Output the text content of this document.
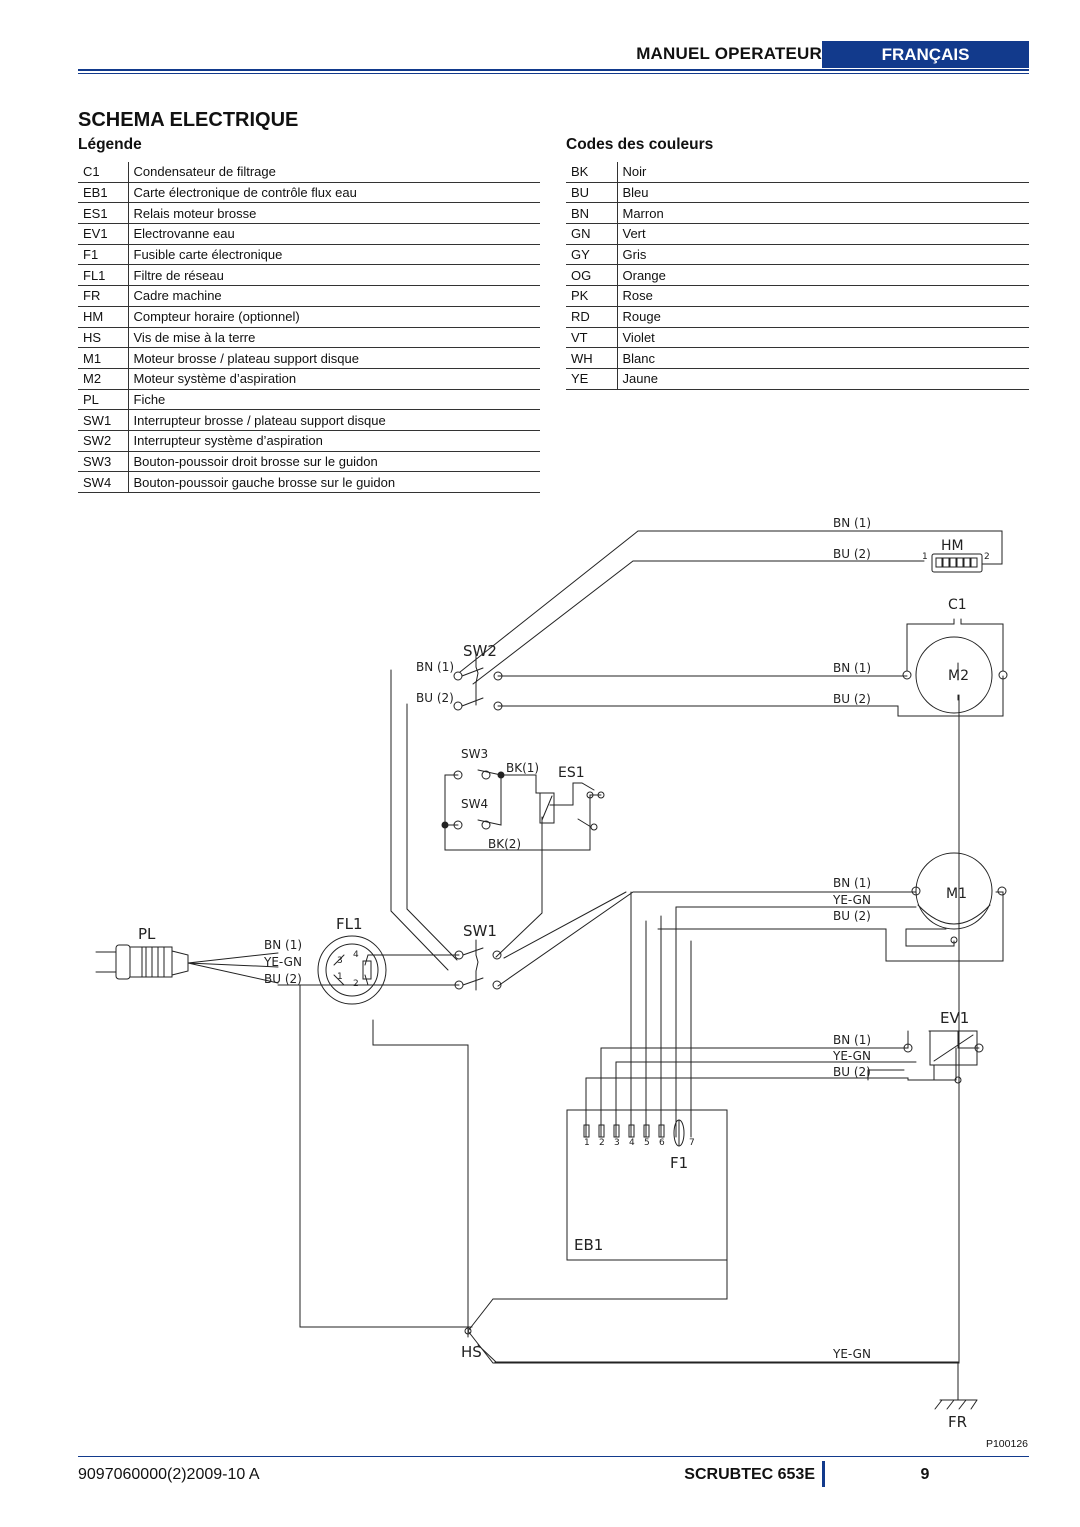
MANUEL OPERATEUR	FRANÇAIS
SCHEMA ELECTRIQUE
Légende	Codes des couleurs
C1	Condensateur de filtrage
EB1	Carte électronique de contrôle flux eau
ES1	Relais moteur brosse
EV1	Electrovanne eau
F1	Fusible carte électronique
FL1	Filtre de réseau
FR	Cadre machine
HM	Compteur horaire (optionnel)
HS	Vis de mise à la terre
M1	Moteur brosse / plateau support disque
M2	Moteur système d’aspiration
PL	Fiche
SW1	Interrupteur brosse / plateau support disque
SW2	Interrupteur système d’aspiration
SW3	Bouton-poussoir droit brosse sur le guidon
SW4	Bouton-poussoir gauche brosse sur le guidon
BK	Noir
BU	Bleu
BN	Marron
GN	Vert
GY	Gris
OG	Orange
PK	Rose
RD	Rouge
VT	Violet
WH	Blanc
YE	Jaune
BN (1)
BU (2)	HM
1	2
C1
M2
BN (1)
BU (2)
SW2
BN (1)
BU (2)
SW3
BK(1) ES1
SW4
BK(2)
BN (1)
YE-GN
BU (2)
M1
PL
FL1	SW1
BN (1)
YE-GN
BU (2)
3
4
1
2
EV1
BN (1)
YE-GN
BU (2)
1 2 3 4 5 6	7
F1
EB1
HS	YE-GN
FR
P100126
9097060000(2)2009-10 A	SCRUBTEC 653E	9
